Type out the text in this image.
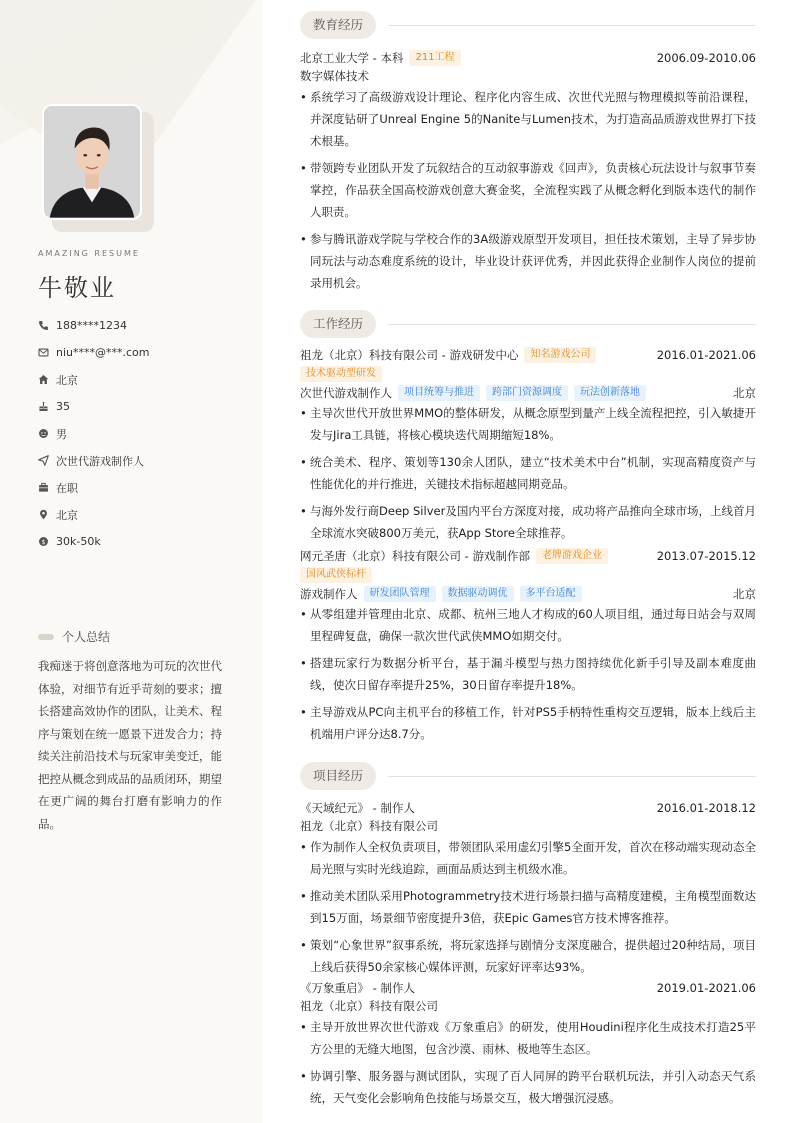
AMAZING RESUME
牛敬业
188****1234
niu****@***.com
北京
35
男
次世代游戏制作人
在职
北京
$ 30k-50k
个人总结
我痴迷于将创意落地为可玩的次世代体验，对细节有近乎苛刻的要求；擅长搭建高效协作的团队，让美术、程序与策划在统一愿景下迸发合力；持续关注前沿技术与玩家审美变迁，能把控从概念到成品的品质闭环，期望在更广阔的舞台打磨有影响力的作品。
教育经历
北京工业大学 - 本科	211工程	2006.09-2010.06
数字媒体技术
• 系统学习了高级游戏设计理论、程序化内容生成、次世代光照与物理模拟等前沿课程，并深度钻研了Unreal Engine 5的Nanite与Lumen技术，为打造高品质游戏世界打下技术根基。
• 带领跨专业团队开发了玩叙结合的互动叙事游戏《回声》，负责核心玩法设计与叙事节奏掌控，作品获全国高校游戏创意大赛金奖，全流程实践了从概念孵化到版本迭代的制作人职责。
• 参与腾讯游戏学院与学校合作的3A级游戏原型开发项目，担任技术策划，主导了异步协同玩法与动态难度系统的设计，毕业设计获评优秀，并因此获得企业制作人岗位的提前录用机会。
工作经历
祖龙（北京）科技有限公司 - 游戏研发中心	知名游戏公司	2016.01-2021.06
技术驱动型研发
次世代游戏制作人	项目统筹与推进	跨部门资源调度	玩法创新落地	北京
• 主导次世代开放世界MMO的整体研发，从概念原型到量产上线全流程把控，引入敏捷开发与Jira工具链，将核心模块迭代周期缩短18%。
• 统合美术、程序、策划等130余人团队，建立“技术美术中台”机制，实现高精度资产与性能优化的并行推进，关键技术指标超越同期竞品。
• 与海外发行商Deep Silver及国内平台方深度对接，成功将产品推向全球市场，上线首月全球流水突破800万美元，获App Store全球推荐。
网元圣唐（北京）科技有限公司 - 游戏制作部	老牌游戏企业	2013.07-2015.12
国风武侠标杆
游戏制作人	研发团队管理	数据驱动调优	多平台适配	北京
• 从零组建并管理由北京、成都、杭州三地人才构成的60人项目组，通过每日站会与双周里程碑复盘，确保一款次世代武侠MMO如期交付。
• 搭建玩家行为数据分析平台，基于漏斗模型与热力图持续优化新手引导及副本难度曲线，使次日留存率提升25%，30日留存率提升18%。
• 主导游戏从PC向主机平台的移植工作，针对PS5手柄特性重构交互逻辑，版本上线后主机端用户评分达8.7分。
项目经历
《天域纪元》 - 制作人	2016.01-2018.12
祖龙（北京）科技有限公司
• 作为制作人全权负责项目，带领团队采用虚幻引擎5全面开发，首次在移动端实现动态全局光照与实时光线追踪，画面品质达到主机级水准。
• 推动美术团队采用Photogrammetry技术进行场景扫描与高精度建模，主角模型面数达到15万面，场景细节密度提升3倍，获Epic Games官方技术博客推荐。
• 策划“心象世界”叙事系统，将玩家选择与剧情分支深度融合，提供超过20种结局，项目上线后获得50余家核心媒体评测，玩家好评率达93%。
《万象重启》 - 制作人	2019.01-2021.06
祖龙（北京）科技有限公司
• 主导开放世界次世代游戏《万象重启》的研发，使用Houdini程序化生成技术打造25平方公里的无缝大地图，包含沙漠、雨林、极地等生态区。
• 协调引擎、服务器与测试团队，实现了百人同屏的跨平台联机玩法，并引入动态天气系统，天气变化会影响角色技能与场景交互，极大增强沉浸感。
